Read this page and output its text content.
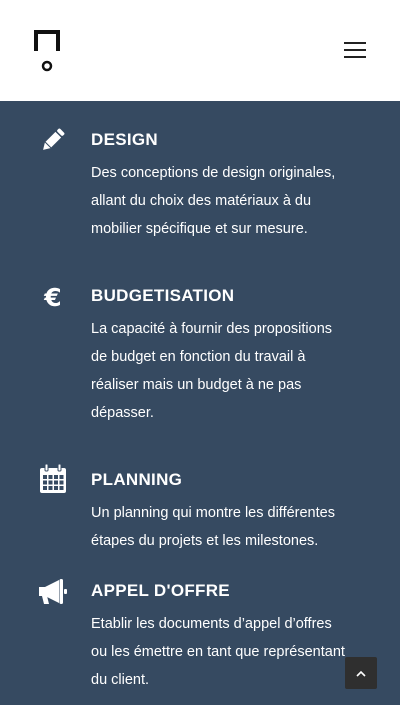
DESIGN
Des conceptions de design originales,
allant du choix des matériaux à du
mobilier spécifique et sur mesure.
€ BUDGETISATION
La capacité à fournir des propositions
de budget en fonction du travail à
réaliser mais un budget à ne pas
dépasser.
PLANNING
Un planning qui montre les différentes
étapes du projets et les milestones.
APPEL D'OFFRE
Etablir les documents d’appel d’offres
ou les émettre en tant que représentant
du client.
